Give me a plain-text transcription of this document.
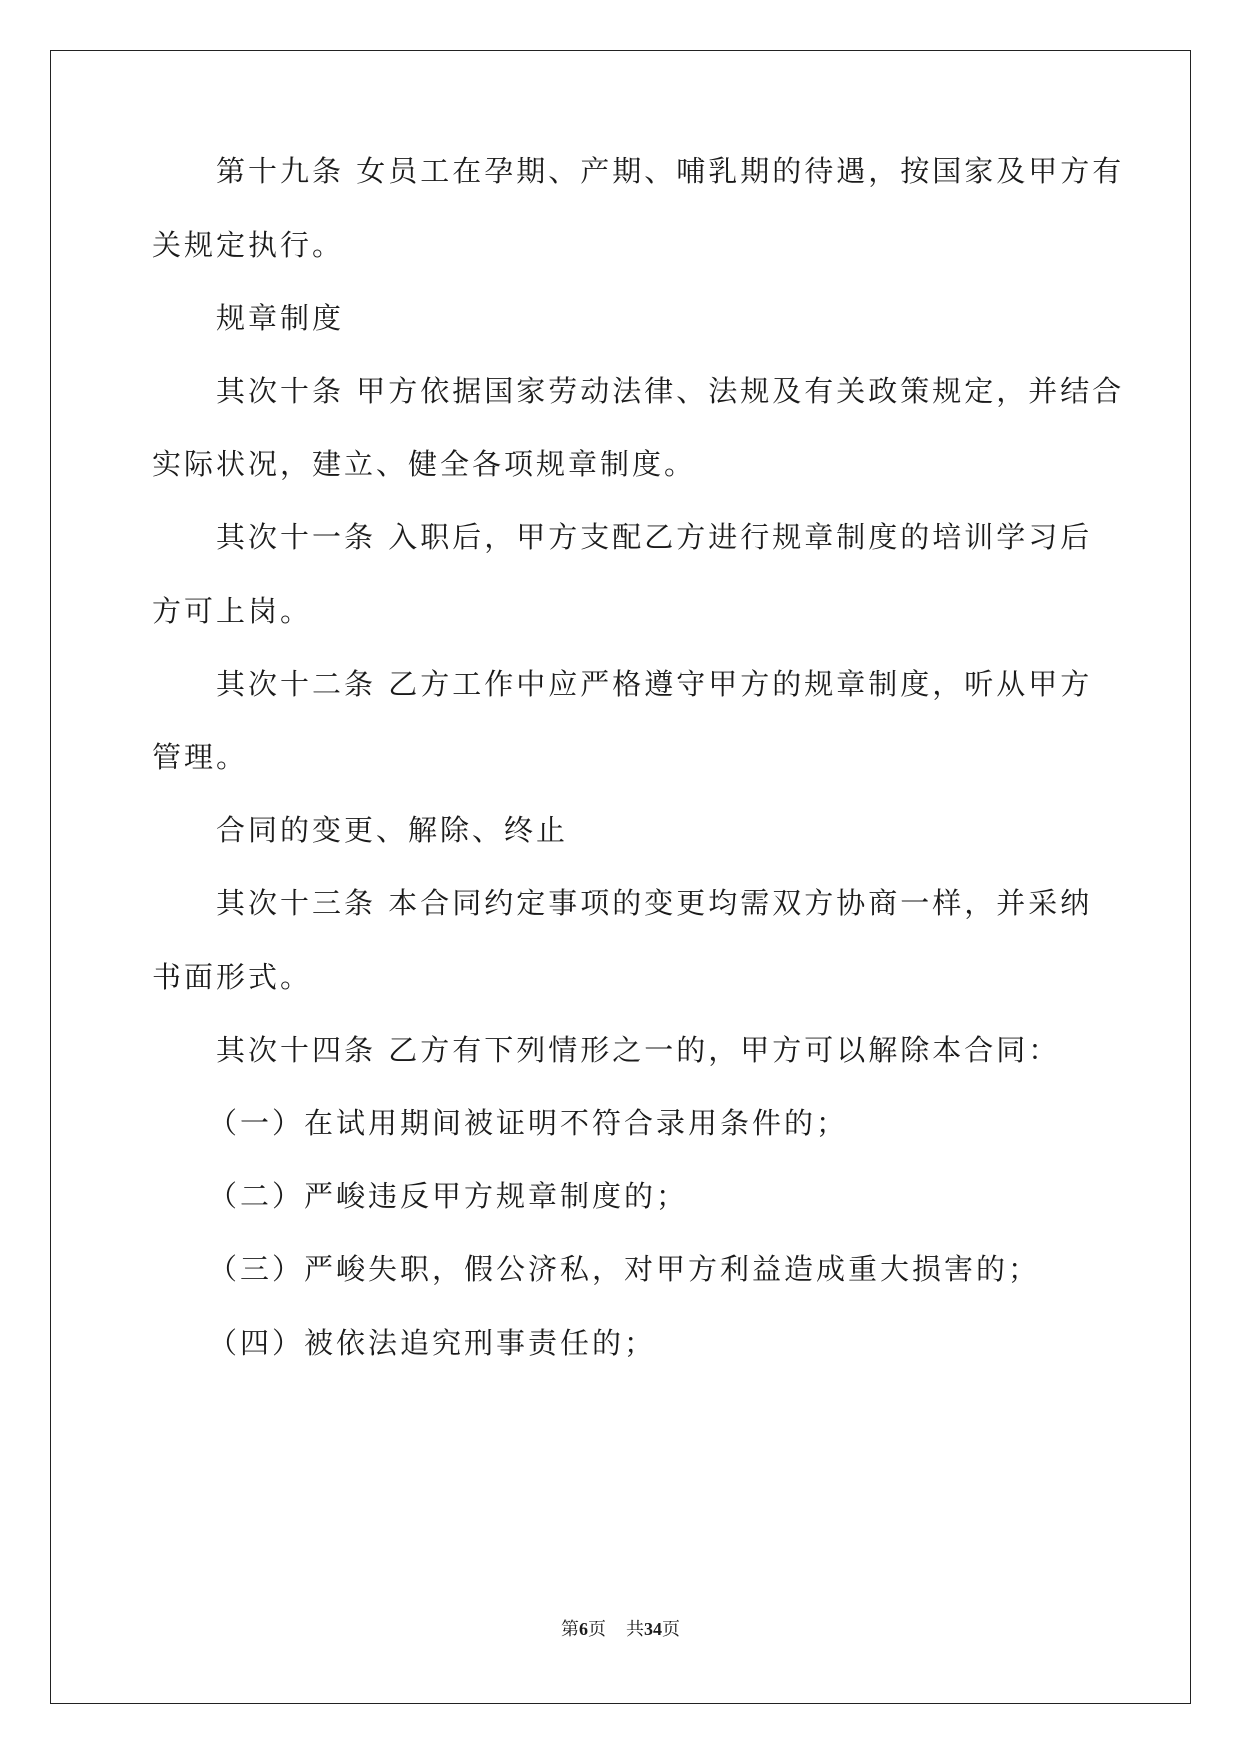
第十九条 女员工在孕期、产期、哺乳期的待遇，按国家及甲方有
关规定执行。
规章制度
其次十条 甲方依据国家劳动法律、法规及有关政策规定，并结合
实际状况，建立、健全各项规章制度。
其次十一条 入职后，甲方支配乙方进行规章制度的培训学习后
方可上岗。
其次十二条 乙方工作中应严格遵守甲方的规章制度，听从甲方
管理。
合同的变更、解除、终止
其次十三条 本合同约定事项的变更均需双方协商一样，并采纳
书面形式。
其次十四条 乙方有下列情形之一的，甲方可以解除本合同：
（一）在试用期间被证明不符合录用条件的；
（二）严峻违反甲方规章制度的；
（三）严峻失职，假公济私，对甲方利益造成重大损害的；
（四）被依法追究刑事责任的；
第6页 共34页
